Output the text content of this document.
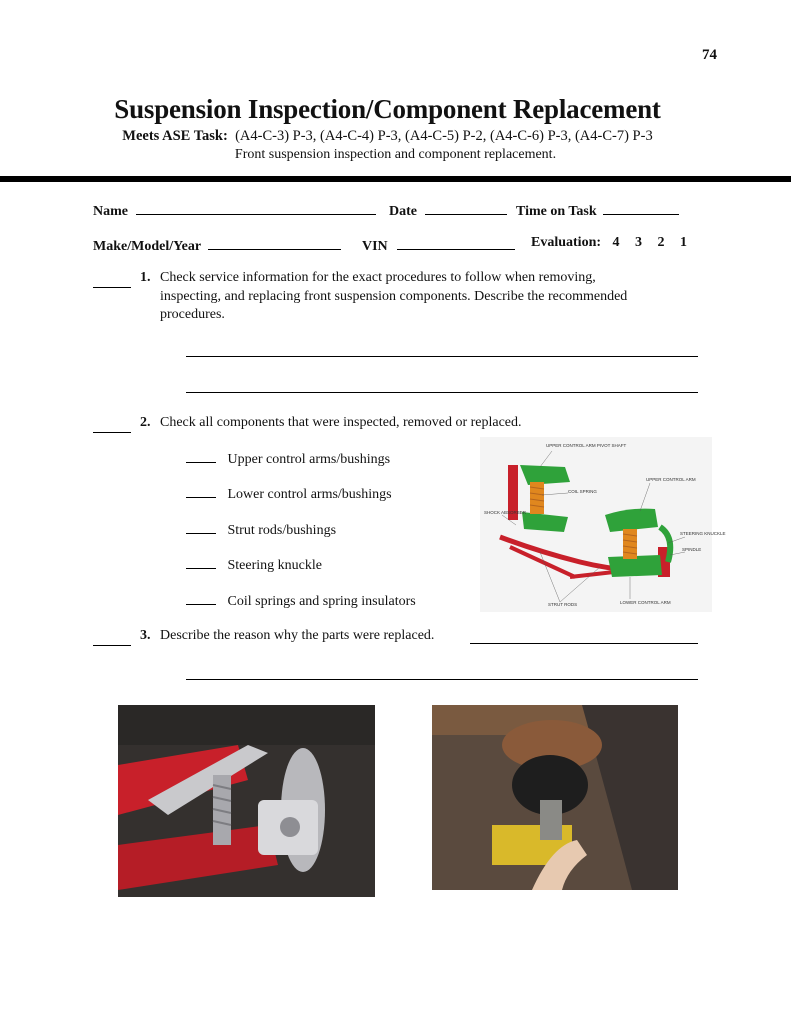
74
Suspension Inspection/Component Replacement
Meets ASE Task: (A4-C-3) P-3, (A4-C-4) P-3, (A4-C-5) P-2, (A4-C-6) P-3, (A4-C-7) P-3
Front suspension inspection and component replacement.
Name	Date	Time on Task
Make/Model/Year	VIN	Evaluation: 4 3 2 1
1. Check service information for the exact procedures to follow when removing,
inspecting, and replacing front suspension components. Describe the recommended
procedures.
2. Check all components that were inspected, removed or replaced.
Upper control arms/bushings
Lower control arms/bushings
Strut rods/bushings
Steering knuckle
Coil springs and spring insulators
UPPER CONTROL ARM PIVOT SHAFT
COIL SPRING
UPPER CONTROL ARM
SHOCK ABSORBER
STEERING KNUCKLE
SPINDLE
STRUT RODS	LOWER CONTROL ARM
3. Describe the reason why the parts were replaced.
